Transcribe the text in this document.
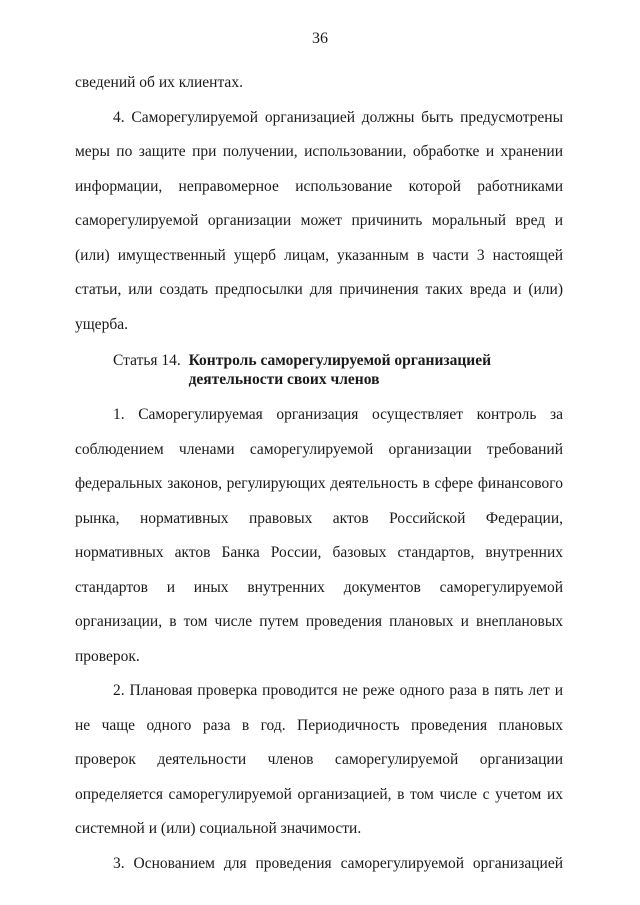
36

сведений об их клиентах.

4. Саморегулируемой организацией должны быть предусмотрены меры по защите при получении, использовании, обработке и хранении информации, неправомерное использование которой работниками саморегулируемой организации может причинить моральный вред и (или) имущественный ущерб лицам, указанным в части 3 настоящей статьи, или создать предпосылки для причинения таких вреда и (или) ущерба.

Статья 14. Контроль саморегулируемой организацией
деятельности своих членов

1. Саморегулируемая организация осуществляет контроль за соблюдением членами саморегулируемой организации требований федеральных законов, регулирующих деятельность в сфере финансового рынка, нормативных правовых актов Российской Федерации, нормативных актов Банка России, базовых стандартов, внутренних стандартов и иных внутренних документов саморегулируемой организации, в том числе путем проведения плановых и внеплановых проверок.

2. Плановая проверка проводится не реже одного раза в пять лет и не чаще одного раза в год. Периодичность проведения плановых проверок деятельности членов саморегулируемой организации определяется саморегулируемой организацией, в том числе с учетом их системной и (или) социальной значимости.

3. Основанием для проведения саморегулируемой организацией
